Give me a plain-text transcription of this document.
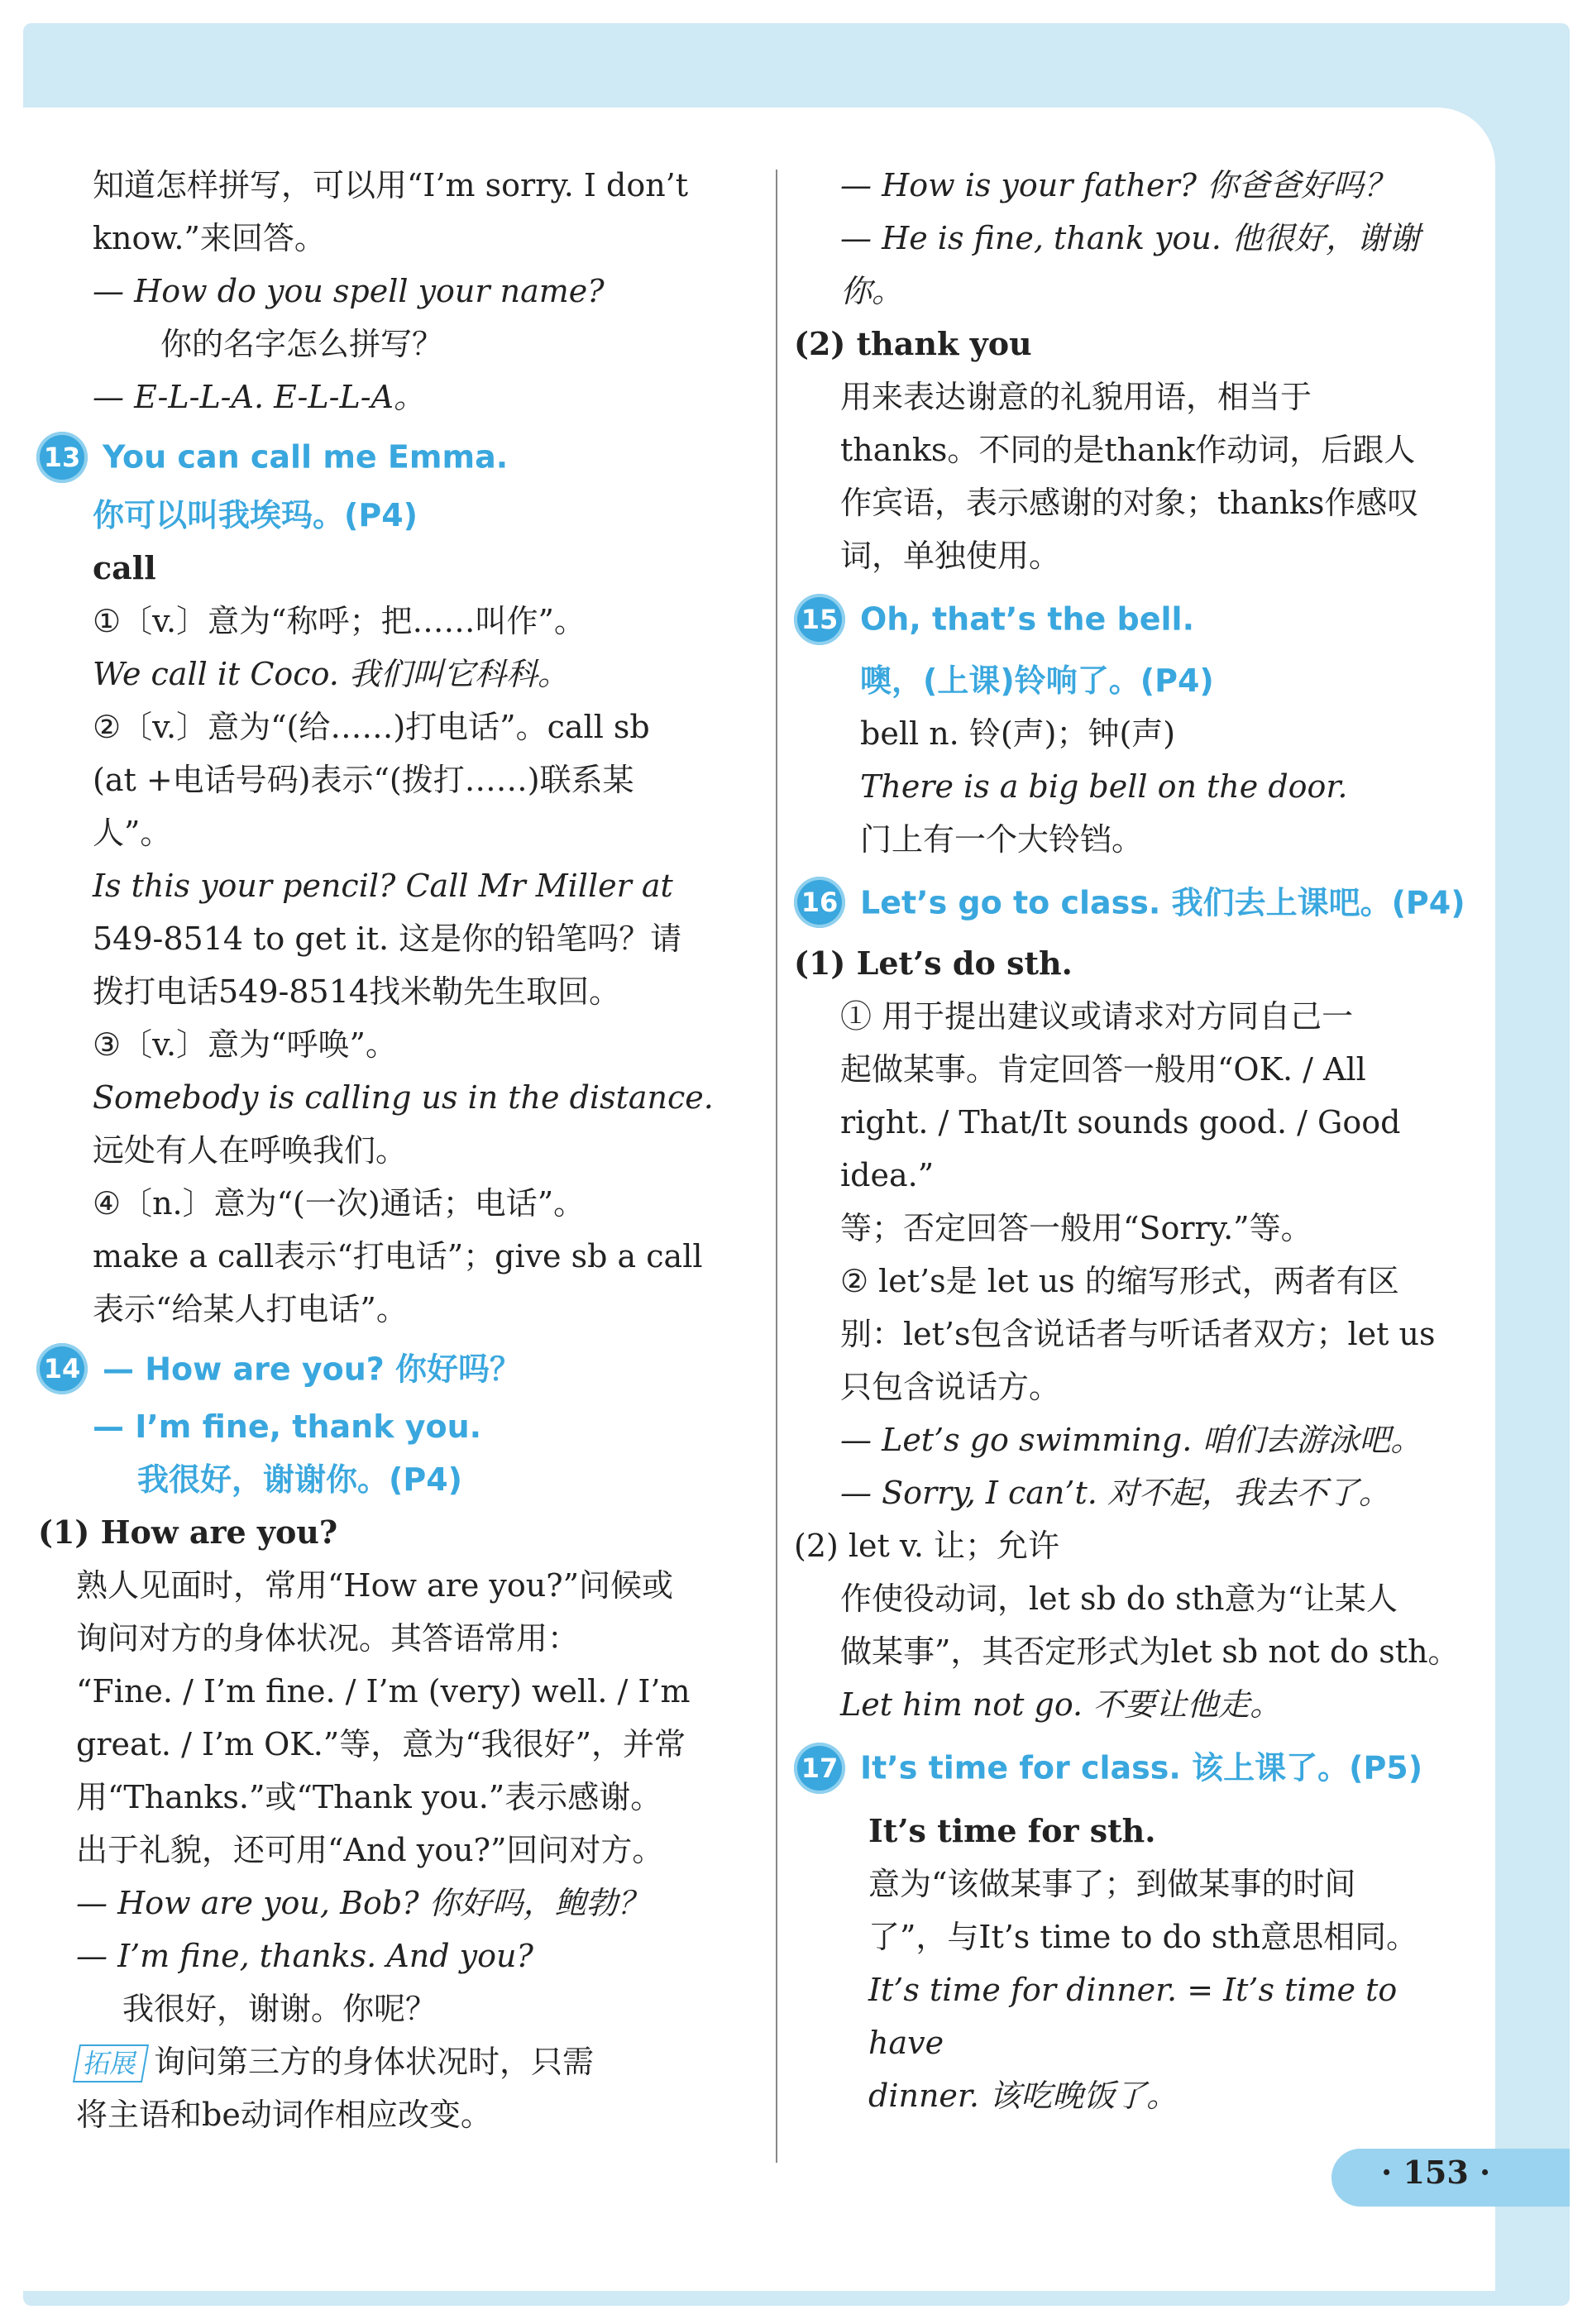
知道怎样拼写，可以用“I’m sorry. I don’t

know.”来回答。

— How do you spell your name?

你的名字怎么拼写？

— E-L-L-A. E-L-L-A。

13 You can call me Emma.

你可以叫我埃玛。(P4)

call

①〔v.〕意为“称呼；把……叫作”。

We call it Coco. 我们叫它科科。

②〔v.〕意为“(给……)打电话”。call sb

(at +电话号码)表示“(拨打……)联系某

人”。

Is this your pencil? Call Mr Miller at

549-8514 to get it. 这是你的铅笔吗？请

拨打电话549-8514找米勒先生取回。

③〔v.〕意为“呼唤”。

Somebody is calling us in the distance.

远处有人在呼唤我们。

④〔n.〕意为“(一次)通话；电话”。

make a call表示“打电话”；give sb a call

表示“给某人打电话”。

14 — How are you? 你好吗？

— I’m fine, thank you.

我很好，谢谢你。(P4)

(1) How are you?

熟人见面时，常用“How are you?”问候或

询问对方的身体状况。其答语常用：

“Fine. / I’m fine. / I’m (very) well. / I’m

great. / I’m OK.”等，意为“我很好”，并常

用“Thanks.”或“Thank you.”表示感谢。

出于礼貌，还可用“And you?”回问对方。

— How are you, Bob? 你好吗，鲍勃？

— I’m fine, thanks. And you?

我很好，谢谢。你呢？

拓展 询问第三方的身体状况时，只需

将主语和be动词作相应改变。

— How is your father? 你爸爸好吗？

— He is fine, thank you. 他很好，谢谢你。

(2) thank you

用来表达谢意的礼貌用语，相当于

thanks。不同的是thank作动词，后跟人

作宾语，表示感谢的对象；thanks作感叹

词，单独使用。

15 Oh, that’s the bell.

噢，(上课)铃响了。(P4)

bell n. 铃(声)；钟(声)

There is a big bell on the door.

门上有一个大铃铛。

16 Let’s go to class. 我们去上课吧。(P4)

(1) Let’s do sth.

① 用于提出建议或请求对方同自己一

起做某事。肯定回答一般用“OK. / All

right. / That/It sounds good. / Good idea.”

等；否定回答一般用“Sorry.”等。

② let’s是 let us 的缩写形式，两者有区

别：let’s包含说话者与听话者双方；let us

只包含说话方。

— Let’s go swimming. 咱们去游泳吧。

— Sorry, I can’t. 对不起，我去不了。

(2) let v. 让；允许

作使役动词，let sb do sth意为“让某人

做某事”，其否定形式为let sb not do sth。

Let him not go. 不要让他走。

17 It’s time for class. 该上课了。(P5)

It’s time for sth.

意为“该做某事了；到做某事的时间

了”，与It’s time to do sth意思相同。

It’s time for dinner. = It’s time to have

dinner. 该吃晚饭了。

· 153 ·
